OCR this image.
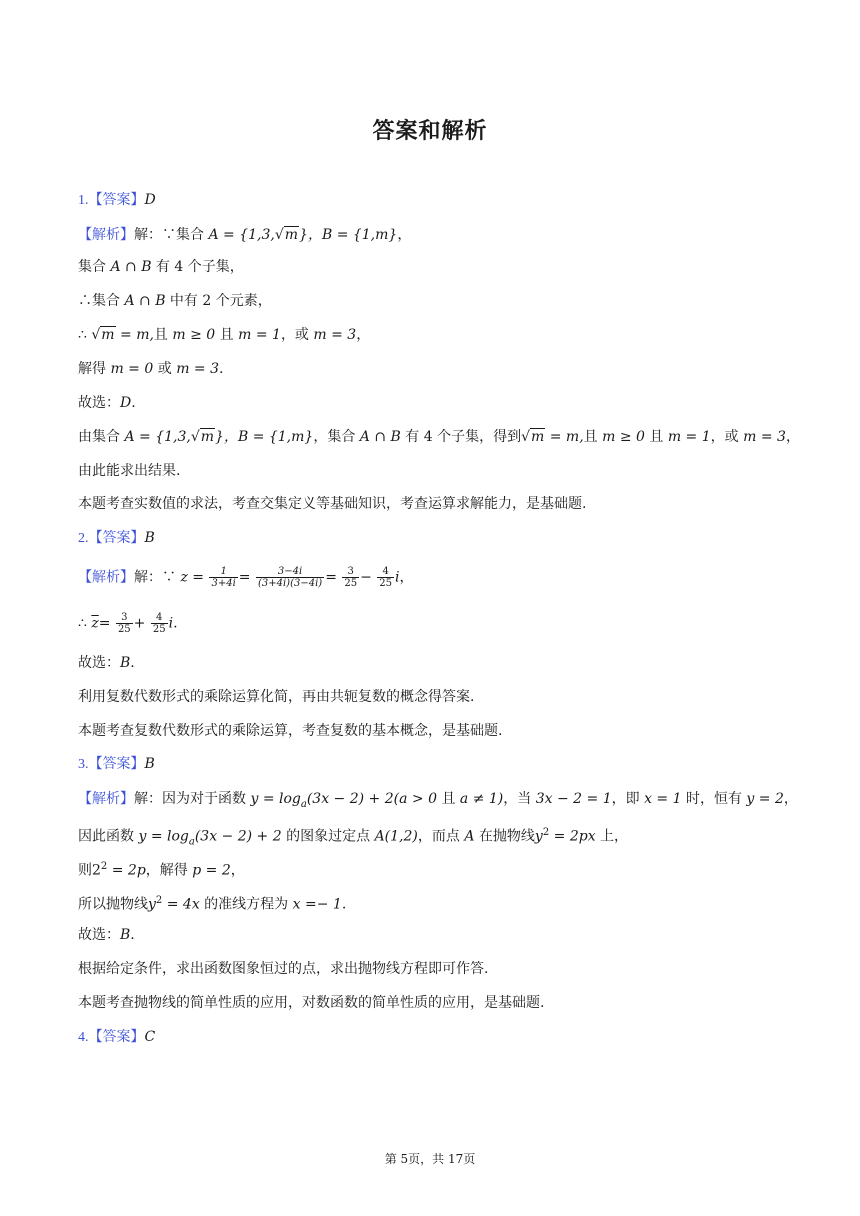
答案和解析
1.【答案】D
【解析】解：∵集合 A = {1,3,√m}，B = {1,m}，
集合 A ∩ B 有 4 个子集，
∴集合 A ∩ B 中有 2 个元素，
∴ √m = m,且 m ≥ 0 且 m = 1，或 m = 3，
解得 m = 0 或 m = 3.
故选：D.
由集合 A = {1,3,√m}，B = {1,m}，集合 A ∩ B 有 4 个子集，得到√m = m,且 m ≥ 0 且 m = 1，或 m = 3，
由此能求出结果.
本题考查实数值的求法，考查交集定义等基础知识，考查运算求解能力，是基础题.
2.【答案】B
【解析】解：∵ $z = \frac{1}{3+4i} = \frac{3-4i}{(3+4i)(3-4i)} = \frac{3}{25} - \frac{4}{25}$ i，
∴ $\overline{z}= \frac{3}{25} + \frac{4}{25} i$.
故选：B.
利用复数代数形式的乘除运算化简，再由共轭复数的概念得答案.
本题考查复数代数形式的乘除运算，考查复数的基本概念，是基础题.
3.【答案】B
【解析】解：因为对于函数 $y = \log_a(3x - 2) + 2(a > 0$ 且 a ≠ 1)，当 3x − 2 = 1，即 x = 1 时，恒有 y = 2，
因此函数 $y = \log_a(3x - 2) + 2$ 的图象过定点 A(1,2)，而点 A 在抛物线$y^2 = 2px$ 上，
则$2^2 = 2p$，解得 p = 2，
所以抛物线$y^2 = 4x$ 的准线方程为 x =− 1.
故选：B.
根据给定条件，求出函数图象恒过的点，求出抛物线方程即可作答.
本题考查抛物线的简单性质的应用，对数函数的简单性质的应用，是基础题.
4.【答案】C
第 5页，共 17页
